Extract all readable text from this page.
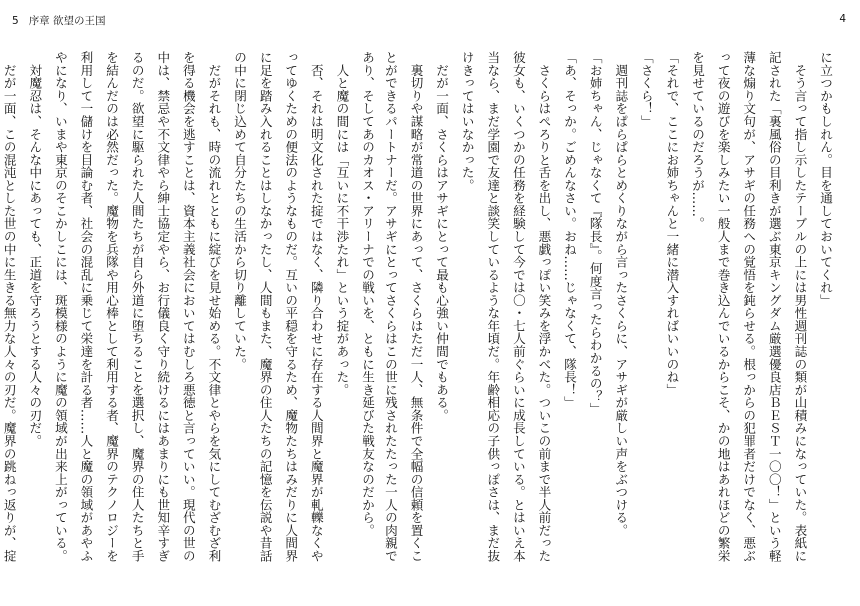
5 序章 欲望の王国

あり、そしてあのカオス・アリーナでの戦いを、ともに生き延びた戦友なのだから。

　人と魔の間には「互いに不干渉たれ」という掟があった。

　否、それは明文化された掟ではなく、隣り合わせに存在する人間界と魔界が軋轢なくやってゆくための便法のようなものだ。互いの平穏を守るため、魔物たちはみだりに人間界に足を踏み入れることはしなかったし、人間もまた、魔界の住人たちの記憶を伝説や昔話の中に閉じ込めて自分たちの生活から切り離していた。

　だがそれも、時の流れとともに綻びを見せ始める。不文律とやらを気にしてむざむざ利を得る機会を逃すことは、資本主義社会においてはむしろ悪徳と言っていい。現代の世の中は、禁忌や不文律やら紳士協定やら、お行儀良く守り続けるにはあまりにも世知辛すぎるのだ。欲望に駆られた人間たちが自ら外道に堕ちることを選択し、魔界の住人たちと手を結んだのは必然だった。魔物を兵隊や用心棒として利用する者、魔界のテクノロジーを利用して一儲けを目論む者、社会の混乱に乗じて栄達を計る者……人と魔の領域があやふやになり、いまや東京のそこかしこには、斑模様のように魔の領域が出来上がっている。

　対魔忍は、そんな中にあっても、正道を守ろうとする人々の刃だ。

　だが一面、この混沌とした世の中に生きる無力な人々の刃だ。魔界の跳ねっ返りが、掟

4

に立つかもしれん。目を通しておいてくれ」

　そう言って指し示したテーブルの上には男性週刊誌の類が山積みになっていた。表紙に記された「裏風俗の目利きが選ぶ東京キングダム厳選優良店ＢＥＳＴ一〇〇！」という軽薄な煽り文句が、アサギの任務への覚悟を鈍らせる。根っからの犯罪者だけでなく、悪ぶって夜の遊びを楽しみたい一般人まで巻き込んでいるからこそ、かの地はあれほどの繁栄を見せているのだろうが……。

「それで、ここにお姉ちゃんと一緒に潜入すればいいのね」

「さくら！」

　週刊誌をぱらぱらとめくりながら言ったさくらに、アサギが厳しい声をぶつける。

「お姉ちゃん、じゃなくて『隊長』。何度言ったらわかるの？」

「あ、そっか。ごめんなさい。おね……じゃなくて、隊長！」

　さくらはぺろりと舌を出し、悪戯っぽい笑みを浮かべた。ついこの前まで半人前だった彼女も、いくつかの任務を経験して今では〇・七人前ぐらいに成長している。とはいえ本当なら、まだ学園で友達と談笑しているような年頃だ。年齢相応の子供っぽさは、まだ抜けきってはいなかった。

　だが一面、さくらはアサギにとって最も心強い仲間でもある。

　裏切りや謀略が常道の世界にあって、さくらはただ一人、無条件で全幅の信頼を置くことができるパートナーだ。アサギにとってさくらはこの世に残されたたった一人の肉親で
